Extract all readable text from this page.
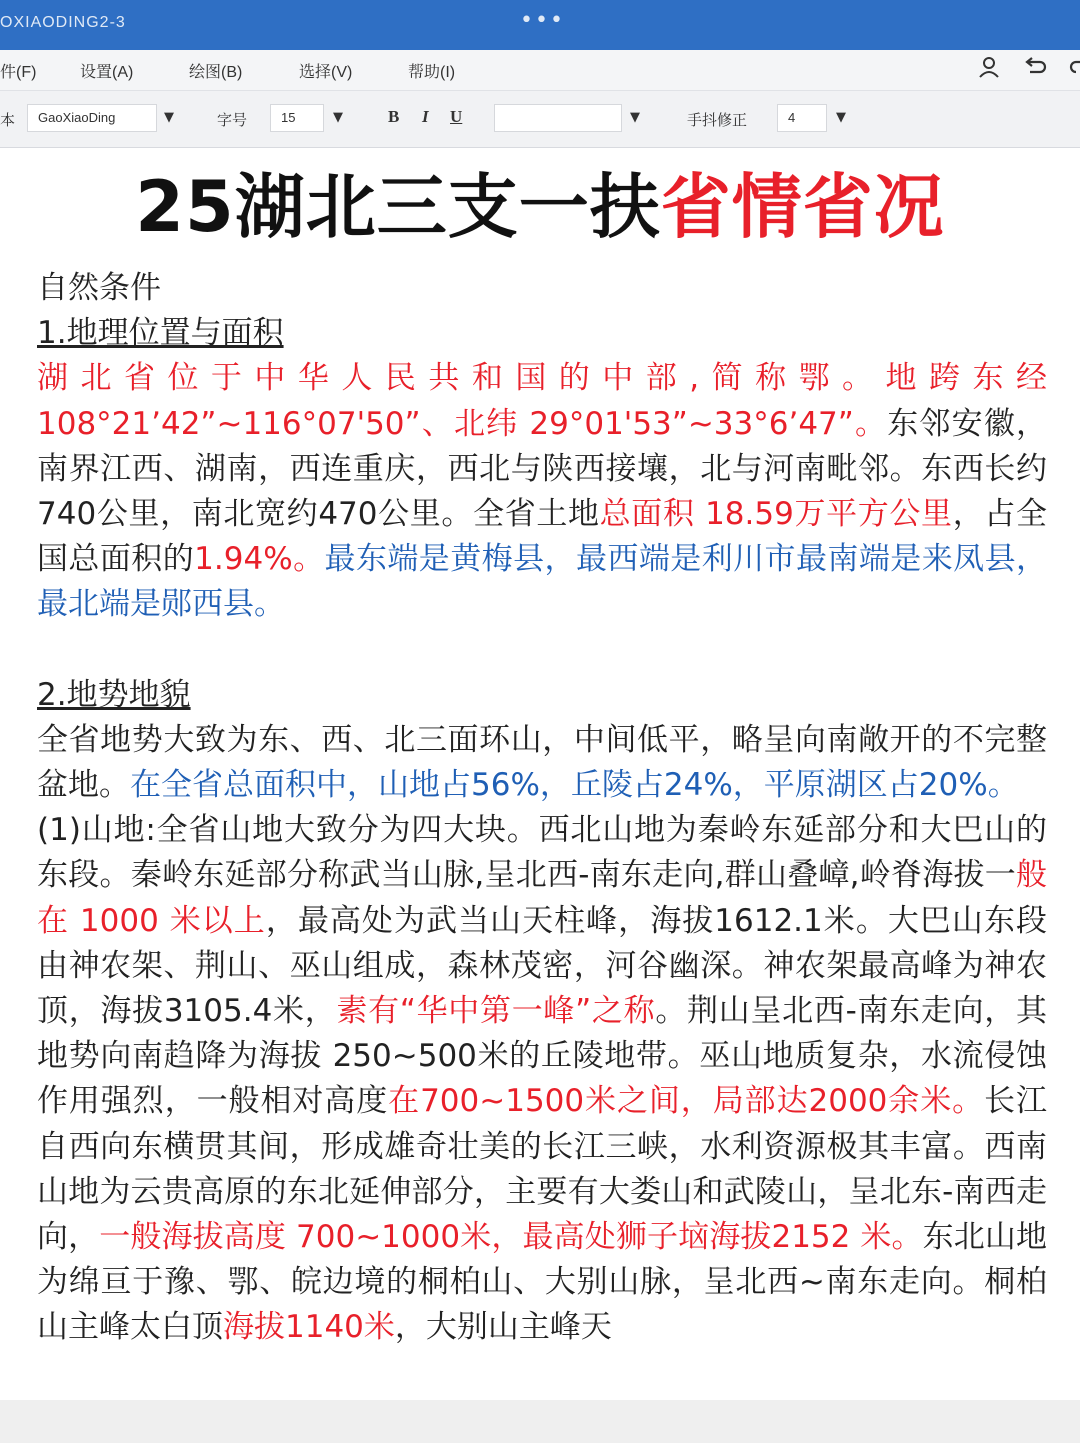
OXIAODING2-3	•••
件(F)	设置(A)	绘图(B)	选择(V)	帮助(I)
本	GaoXiaoDing	▼	字号	15	▼	B I U	▼	手抖修正	4	▼
25湖北三支一扶省情省况

自然条件

1.地理位置与面积

湖北省位于中华人民共和国的中部,简称鄂。地跨东经108°21’42”~116°07'50”、北纬 29°01'53”~33°6’47”。东邻安徽，南界江西、湖南，西连重庆，西北与陕西接壤，北与河南毗邻。东西长约740公里，南北宽约470公里。全省土地总面积 18.59万平方公里，占全国总面积的1.94%。最东端是黄梅县，最西端是利川市最南端是来凤县，最北端是郧西县。

2.地势地貌

全省地势大致为东、西、北三面环山，中间低平，略呈向南敞开的不完整盆地。在全省总面积中，山地占56%，丘陵占24%，平原湖区占20%。

(1)山地:全省山地大致分为四大块。西北山地为秦岭东延部分和大巴山的东段。秦岭东延部分称武当山脉,呈北西-南东走向,群山叠嶂,岭脊海拔一般在 1000 米以上，最高处为武当山天柱峰，海拔1612.1米。大巴山东段由神农架、荆山、巫山组成，森林茂密，河谷幽深。神农架最高峰为神农顶，海拔3105.4米，素有“华中第一峰”之称。荆山呈北西-南东走向，其地势向南趋降为海拔 250~500米的丘陵地带。巫山地质复杂，水流侵蚀作用强烈，一般相对高度在700~1500米之间，局部达2000余米。长江自西向东横贯其间，形成雄奇壮美的长江三峡，水利资源极其丰富。西南山地为云贵高原的东北延伸部分，主要有大娄山和武陵山，呈北东-南西走向，一般海拔高度 700~1000米，最高处狮子垴海拔2152 米。东北山地为绵亘于豫、鄂、皖边境的桐柏山、大别山脉，呈北西~南东走向。桐柏山主峰太白顶海拔1140米，大别山主峰天
